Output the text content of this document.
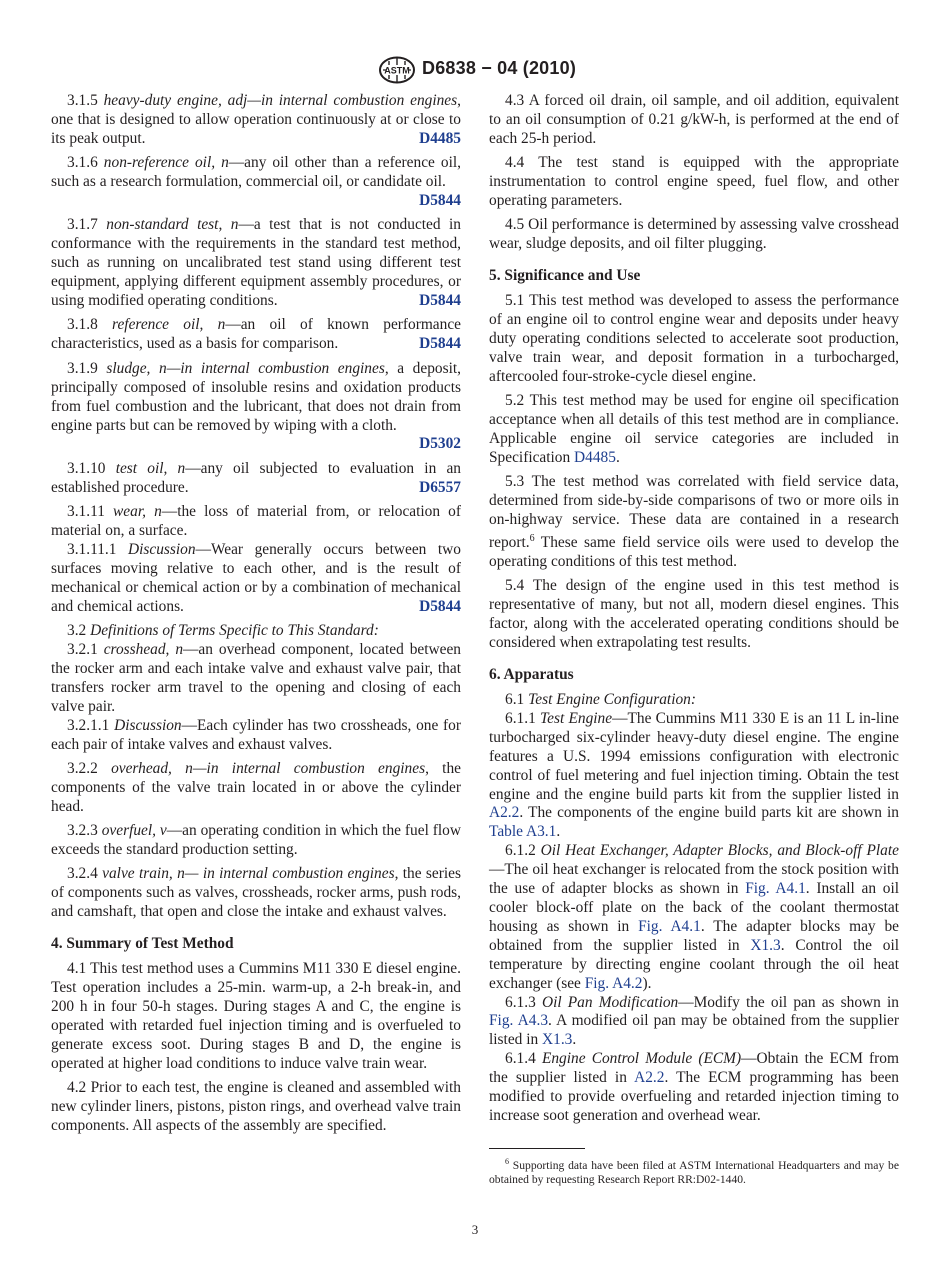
ASTM D6838 − 04 (2010)

3.1.5 heavy-duty engine, adj—in internal combustion engines, one that is designed to allow operation continuously at or close to its peak output.	D4485

3.1.6 non-reference oil, n—any oil other than a reference oil, such as a research formulation, commercial oil, or candidate oil.
D5844

3.1.7 non-standard test, n—a test that is not conducted in conformance with the requirements in the standard test method, such as running on uncalibrated test stand using different test equipment, applying different equipment assembly procedures, or using modified operating conditions.	D5844

3.1.8 reference oil, n—an oil of known performance characteristics, used as a basis for comparison.	D5844

3.1.9 sludge, n—in internal combustion engines, a deposit, principally composed of insoluble resins and oxidation products from fuel combustion and the lubricant, that does not drain from engine parts but can be removed by wiping with a cloth.
D5302

3.1.10 test oil, n—any oil subjected to evaluation in an established procedure.	D6557

3.1.11 wear, n—the loss of material from, or relocation of material on, a surface.

3.1.11.1 Discussion—Wear generally occurs between two surfaces moving relative to each other, and is the result of mechanical or chemical action or by a combination of mechanical and chemical actions.	D5844

3.2 Definitions of Terms Specific to This Standard:

3.2.1 crosshead, n—an overhead component, located between the rocker arm and each intake valve and exhaust valve pair, that transfers rocker arm travel to the opening and closing of each valve pair.

3.2.1.1 Discussion—Each cylinder has two crossheads, one for each pair of intake valves and exhaust valves.

3.2.2 overhead, n—in internal combustion engines, the components of the valve train located in or above the cylinder head.

3.2.3 overfuel, v—an operating condition in which the fuel flow exceeds the standard production setting.

3.2.4 valve train, n— in internal combustion engines, the series of components such as valves, crossheads, rocker arms, push rods, and camshaft, that open and close the intake and exhaust valves.

4. Summary of Test Method

4.1 This test method uses a Cummins M11 330 E diesel engine. Test operation includes a 25-min. warm-up, a 2-h break-in, and 200 h in four 50-h stages. During stages A and C, the engine is operated with retarded fuel injection timing and is overfueled to generate excess soot. During stages B and D, the engine is operated at higher load conditions to induce valve train wear.

4.2 Prior to each test, the engine is cleaned and assembled with new cylinder liners, pistons, piston rings, and overhead valve train components. All aspects of the assembly are specified.

4.3 A forced oil drain, oil sample, and oil addition, equivalent to an oil consumption of 0.21 g/kW-h, is performed at the end of each 25-h period.

4.4 The test stand is equipped with the appropriate instrumentation to control engine speed, fuel flow, and other operating parameters.

4.5 Oil performance is determined by assessing valve crosshead wear, sludge deposits, and oil filter plugging.

5. Significance and Use

5.1 This test method was developed to assess the performance of an engine oil to control engine wear and deposits under heavy duty operating conditions selected to accelerate soot production, valve train wear, and deposit formation in a turbocharged, aftercooled four-stroke-cycle diesel engine.

5.2 This test method may be used for engine oil specification acceptance when all details of this test method are in compliance. Applicable engine oil service categories are included in Specification D4485.

5.3 The test method was correlated with field service data, determined from side-by-side comparisons of two or more oils in on-highway service. These data are contained in a research report.$^6$ These same field service oils were used to develop the operating conditions of this test method.

5.4 The design of the engine used in this test method is representative of many, but not all, modern diesel engines. This factor, along with the accelerated operating conditions should be considered when extrapolating test results.

6. Apparatus

6.1 Test Engine Configuration:

6.1.1 Test Engine—The Cummins M11 330 E is an 11 L in-line turbocharged six-cylinder heavy-duty diesel engine. The engine features a U.S. 1994 emissions configuration with electronic control of fuel metering and fuel injection timing. Obtain the test engine and the engine build parts kit from the supplier listed in A2.2. The components of the engine build parts kit are shown in Table A3.1.

6.1.2 Oil Heat Exchanger, Adapter Blocks, and Block-off Plate—The oil heat exchanger is relocated from the stock position with the use of adapter blocks as shown in Fig. A4.1. Install an oil cooler block-off plate on the back of the coolant thermostat housing as shown in Fig. A4.1. The adapter blocks may be obtained from the supplier listed in X1.3. Control the oil temperature by directing engine coolant through the oil heat exchanger (see Fig. A4.2).

6.1.3 Oil Pan Modification—Modify the oil pan as shown in Fig. A4.3. A modified oil pan may be obtained from the supplier listed in X1.3.

6.1.4 Engine Control Module (ECM)—Obtain the ECM from the supplier listed in A2.2. The ECM programming has been modified to provide overfueling and retarded injection timing to increase soot generation and overhead wear.

$^6$ Supporting data have been filed at ASTM International Headquarters and may be obtained by requesting Research Report RR:D02-1440.
3
